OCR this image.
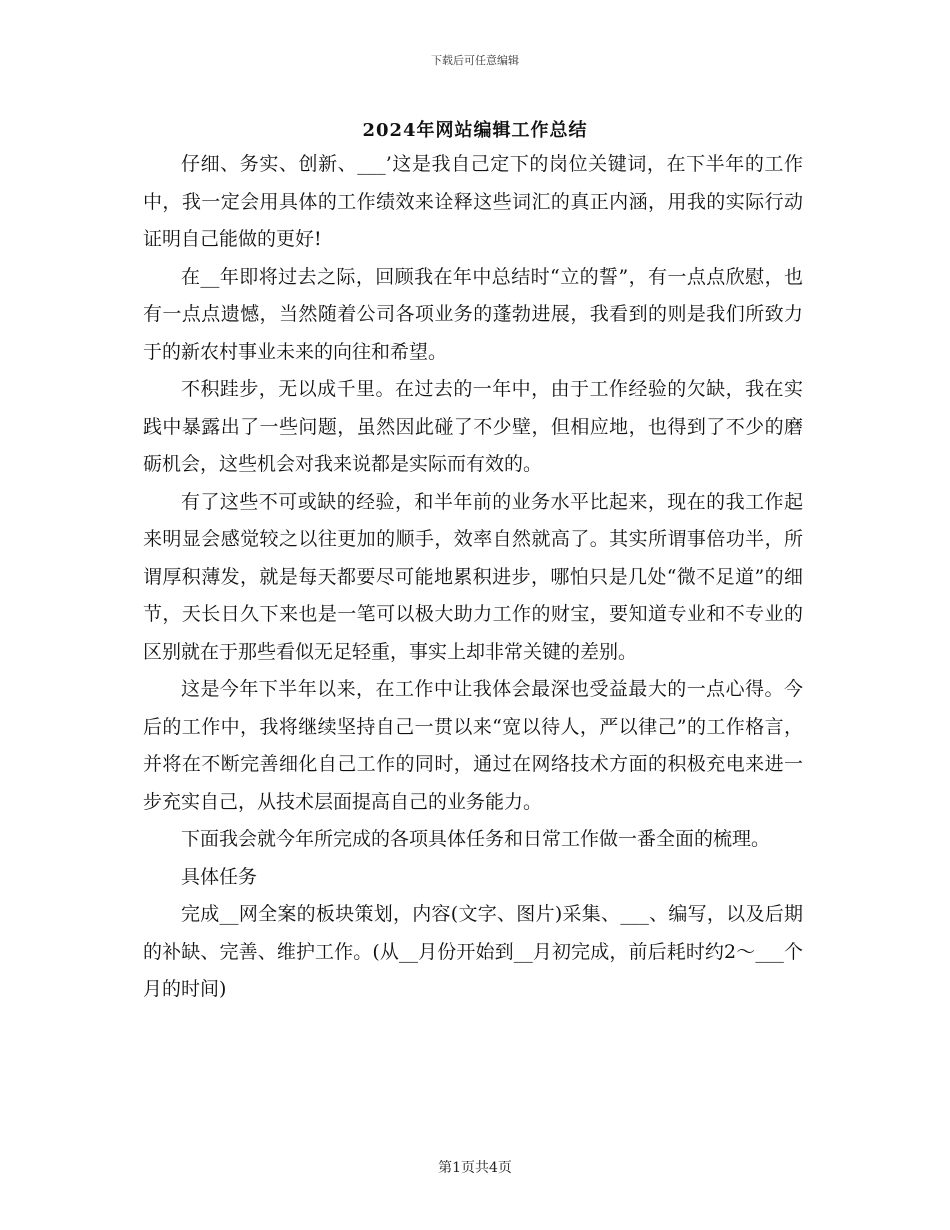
下载后可任意编辑
2024年网站编辑工作总结

仔细、务实、创新、___’这是我自己定下的岗位关键词，在下半年的工作中，我一定会用具体的工作绩效来诠释这些词汇的真正内涵，用我的实际行动证明自己能做的更好!

在__年即将过去之际，回顾我在年中总结时“立的誓”，有一点点欣慰，也有一点点遗憾，当然随着公司各项业务的蓬勃进展，我看到的则是我们所致力于的新农村事业未来的向往和希望。

不积跬步，无以成千里。在过去的一年中，由于工作经验的欠缺，我在实践中暴露出了一些问题，虽然因此碰了不少壁，但相应地，也得到了不少的磨砺机会，这些机会对我来说都是实际而有效的。

有了这些不可或缺的经验，和半年前的业务水平比起来，现在的我工作起来明显会感觉较之以往更加的顺手，效率自然就高了。其实所谓事倍功半，所谓厚积薄发，就是每天都要尽可能地累积进步，哪怕只是几处“微不足道”的细节，天长日久下来也是一笔可以极大助力工作的财宝，要知道专业和不专业的区别就在于那些看似无足轻重，事实上却非常关键的差别。

这是今年下半年以来，在工作中让我体会最深也受益最大的一点心得。今后的工作中，我将继续坚持自己一贯以来“宽以待人，严以律己”的工作格言，并将在不断完善细化自己工作的同时，通过在网络技术方面的积极充电来进一步充实自己，从技术层面提高自己的业务能力。

下面我会就今年所完成的各项具体任务和日常工作做一番全面的梳理。

具体任务

完成__网全案的板块策划，内容(文字、图片)采集、___、编写，以及后期的补缺、完善、维护工作。(从__月份开始到__月初完成，前后耗时约2～___个月的时间)

第1页共4页
